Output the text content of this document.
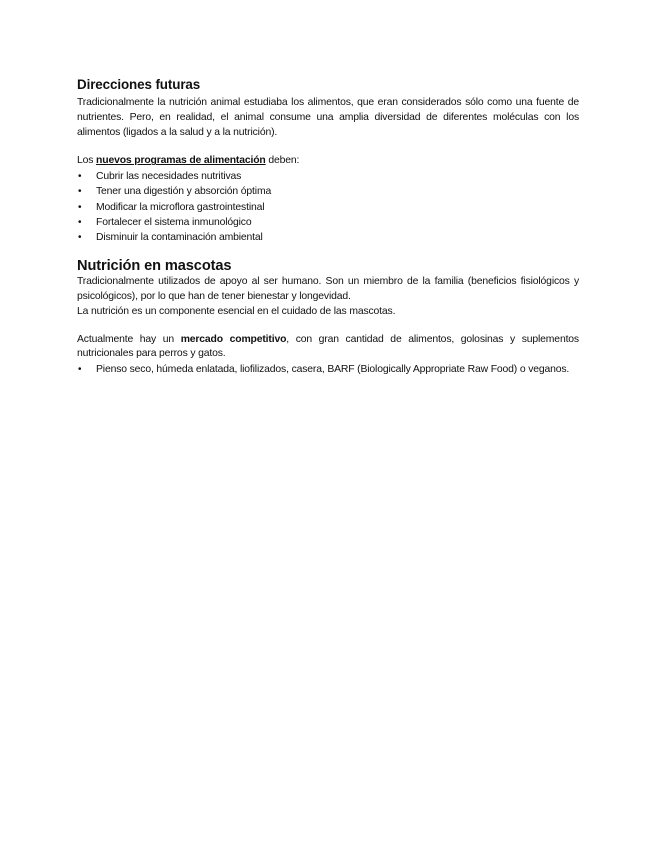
Direcciones futuras

Tradicionalmente la nutrición animal estudiaba los alimentos, que eran considerados sólo como una fuente de nutrientes. Pero, en realidad, el animal consume una amplia diversidad de diferentes moléculas con los alimentos (ligados a la salud y a la nutrición).

Los nuevos programas de alimentación deben:

• Cubrir las necesidades nutritivas
• Tener una digestión y absorción óptima
• Modificar la microflora gastrointestinal
• Fortalecer el sistema inmunológico
• Disminuir la contaminación ambiental
Nutrición en mascotas

Tradicionalmente utilizados de apoyo al ser humano. Son un miembro de la familia (beneficios fisiológicos y psicológicos), por lo que han de tener bienestar y longevidad.

La nutrición es un componente esencial en el cuidado de las mascotas.

Actualmente hay un mercado competitivo, con gran cantidad de alimentos, golosinas y suplementos nutricionales para perros y gatos.

• Pienso seco, húmeda enlatada, liofilizados, casera, BARF (Biologically Appropriate Raw Food) o veganos.
